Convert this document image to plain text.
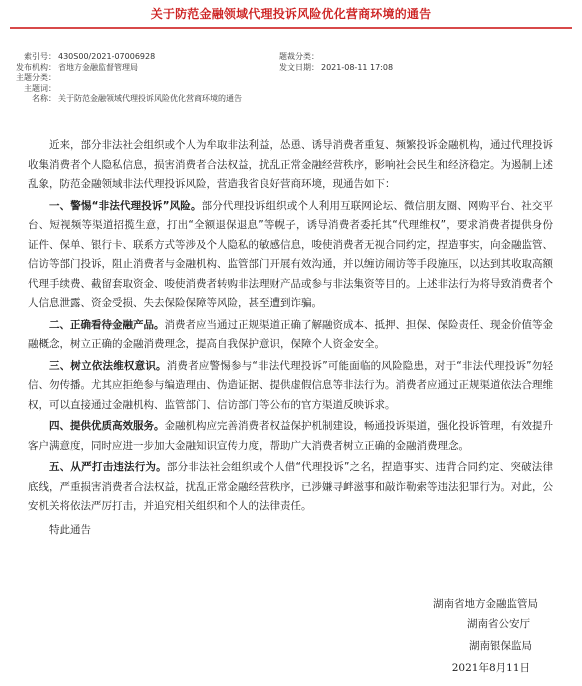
关于防范金融领域代理投诉风险优化营商环境的通告
索引号： 430S00/2021-07006928	题裁分类：
发布机构： 省地方金融监督管理局	发文日期： 2021-08-11 17:08
主题分类：
主题词：
名称： 关于防范金融领域代理投诉风险优化营商环境的通告

近来，部分非法社会组织或个人为牟取非法利益，怂恿、诱导消费者重复、频繁投诉金融机构，通过代理投诉收集消费者个人隐私信息，损害消费者合法权益，扰乱正常金融经营秩序，影响社会民生和经济稳定。为遏制上述乱象，防范金融领域非法代理投诉风险，营造我省良好营商环境，现通告如下：

一、警惕“非法代理投诉”风险。部分代理投诉组织或个人利用互联网论坛、微信朋友圈、网购平台、社交平台、短视频等渠道招揽生意，打出“全额退保退息”等幌子，诱导消费者委托其“代理维权”，要求消费者提供身份证件、保单、银行卡、联系方式等涉及个人隐私的敏感信息，唆使消费者无视合同约定，捏造事实，向金融监管、信访等部门投诉，阻止消费者与金融机构、监管部门开展有效沟通，并以缠访闹访等手段施压，以达到其收取高额代理手续费、截留套取资金、唆使消费者转购非法理财产品或参与非法集资等目的。上述非法行为将导致消费者个人信息泄露、资金受损、失去保险保障等风险，甚至遭到诈骗。

二、正确看待金融产品。消费者应当通过正规渠道正确了解融资成本、抵押、担保、保险责任、现金价值等金融概念，树立正确的金融消费理念，提高自我保护意识，保障个人资金安全。

三、树立依法维权意识。消费者应警惕参与“非法代理投诉”可能面临的风险隐患，对于“非法代理投诉”勿轻信、勿传播。尤其应拒绝参与编造理由、伪造证据、提供虚假信息等非法行为。消费者应通过正规渠道依法合理维权，可以直接通过金融机构、监管部门、信访部门等公布的官方渠道反映诉求。

四、提供优质高效服务。金融机构应完善消费者权益保护机制建设，畅通投诉渠道，强化投诉管理，有效提升客户满意度，同时应进一步加大金融知识宣传力度，帮助广大消费者树立正确的金融消费理念。

五、从严打击违法行为。部分非法社会组织或个人借“代理投诉”之名，捏造事实、违背合同约定、突破法律底线，严重损害消费者合法权益，扰乱正常金融经营秩序，已涉嫌寻衅滋事和敲诈勒索等违法犯罪行为。对此，公安机关将依法严厉打击，并追究相关组织和个人的法律责任。

特此通告

湖南省地方金融监管局
湖南省公安厅
湖南银保监局
2021年8月11日
